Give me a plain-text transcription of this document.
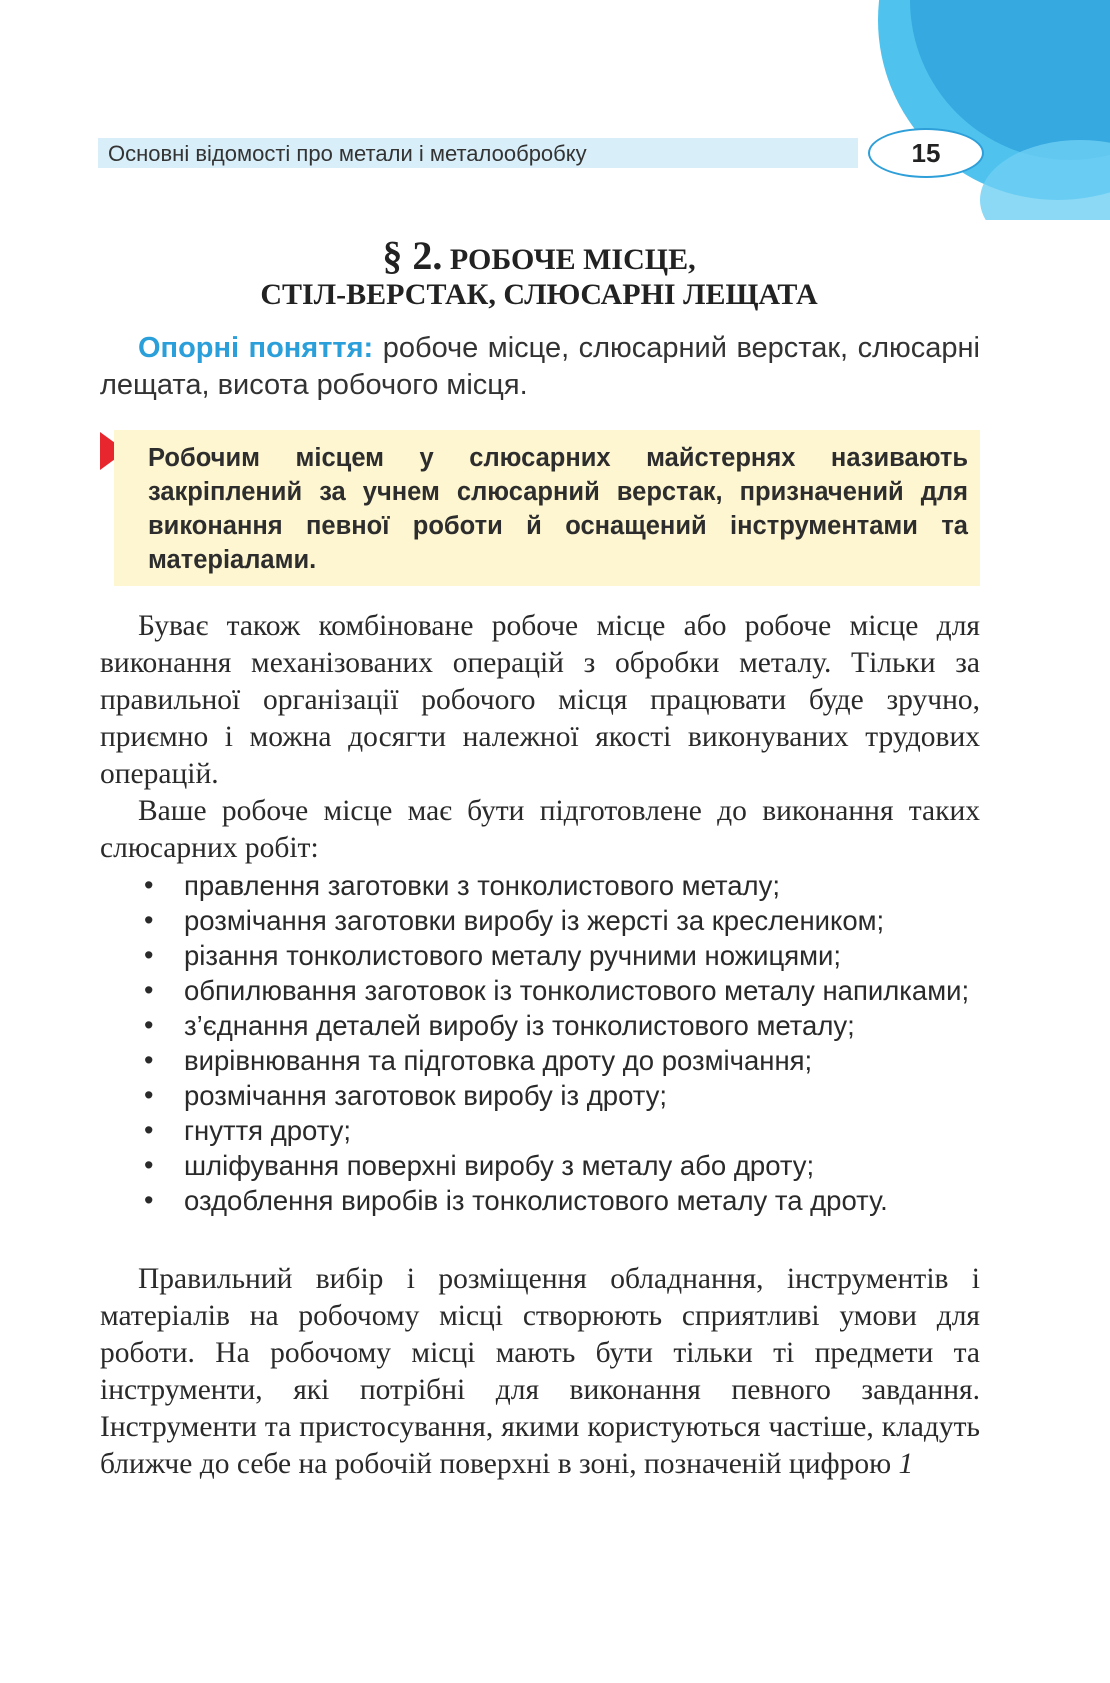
Основні відомості про метали і металообробку	15
§ 2. РОБОЧЕ МІСЦЕ,
СТІЛ-ВЕРСТАК, СЛЮСАРНІ ЛЕЩАТА
Опорні поняття: робоче місце, слюсарний верстак, слюсарні лещата, висота робочого місця.
Робочим місцем у слюсарних майстернях називають закріплений за учнем слюсарний верстак, призначений для виконання певної роботи й оснащений інструментами та матеріалами.
Буває також комбіноване робоче місце або робоче місце для виконання механізованих операцій з обробки металу. Тільки за правильної організації робочого місця працювати буде зручно, приємно і можна досягти належної якості виконуваних трудових операцій.
Ваше робоче місце має бути підготовлене до виконання таких слюсарних робіт:
• правлення заготовки з тонколистового металу;
• розмічання заготовки виробу із жерсті за креслеником;
• різання тонколистового металу ручними ножицями;
• обпилювання заготовок із тонколистового металу напилками;
• з’єднання деталей виробу із тонколистового металу;
• вирівнювання та підготовка дроту до розмічання;
• розмічання заготовок виробу із дроту;
• гнуття дроту;
• шліфування поверхні виробу з металу або дроту;
• оздоблення виробів із тонколистового металу та дроту.
Правильний вибір і розміщення обладнання, інструментів і матеріалів на робочому місці створюють сприятливі умови для роботи. На робочому місці мають бути тільки ті предмети та інструменти, які потрібні для виконання певного завдання. Інструменти та пристосування, якими користуються частіше, кладуть ближче до себе на робочій поверхні в зоні, позначеній цифрою 1
